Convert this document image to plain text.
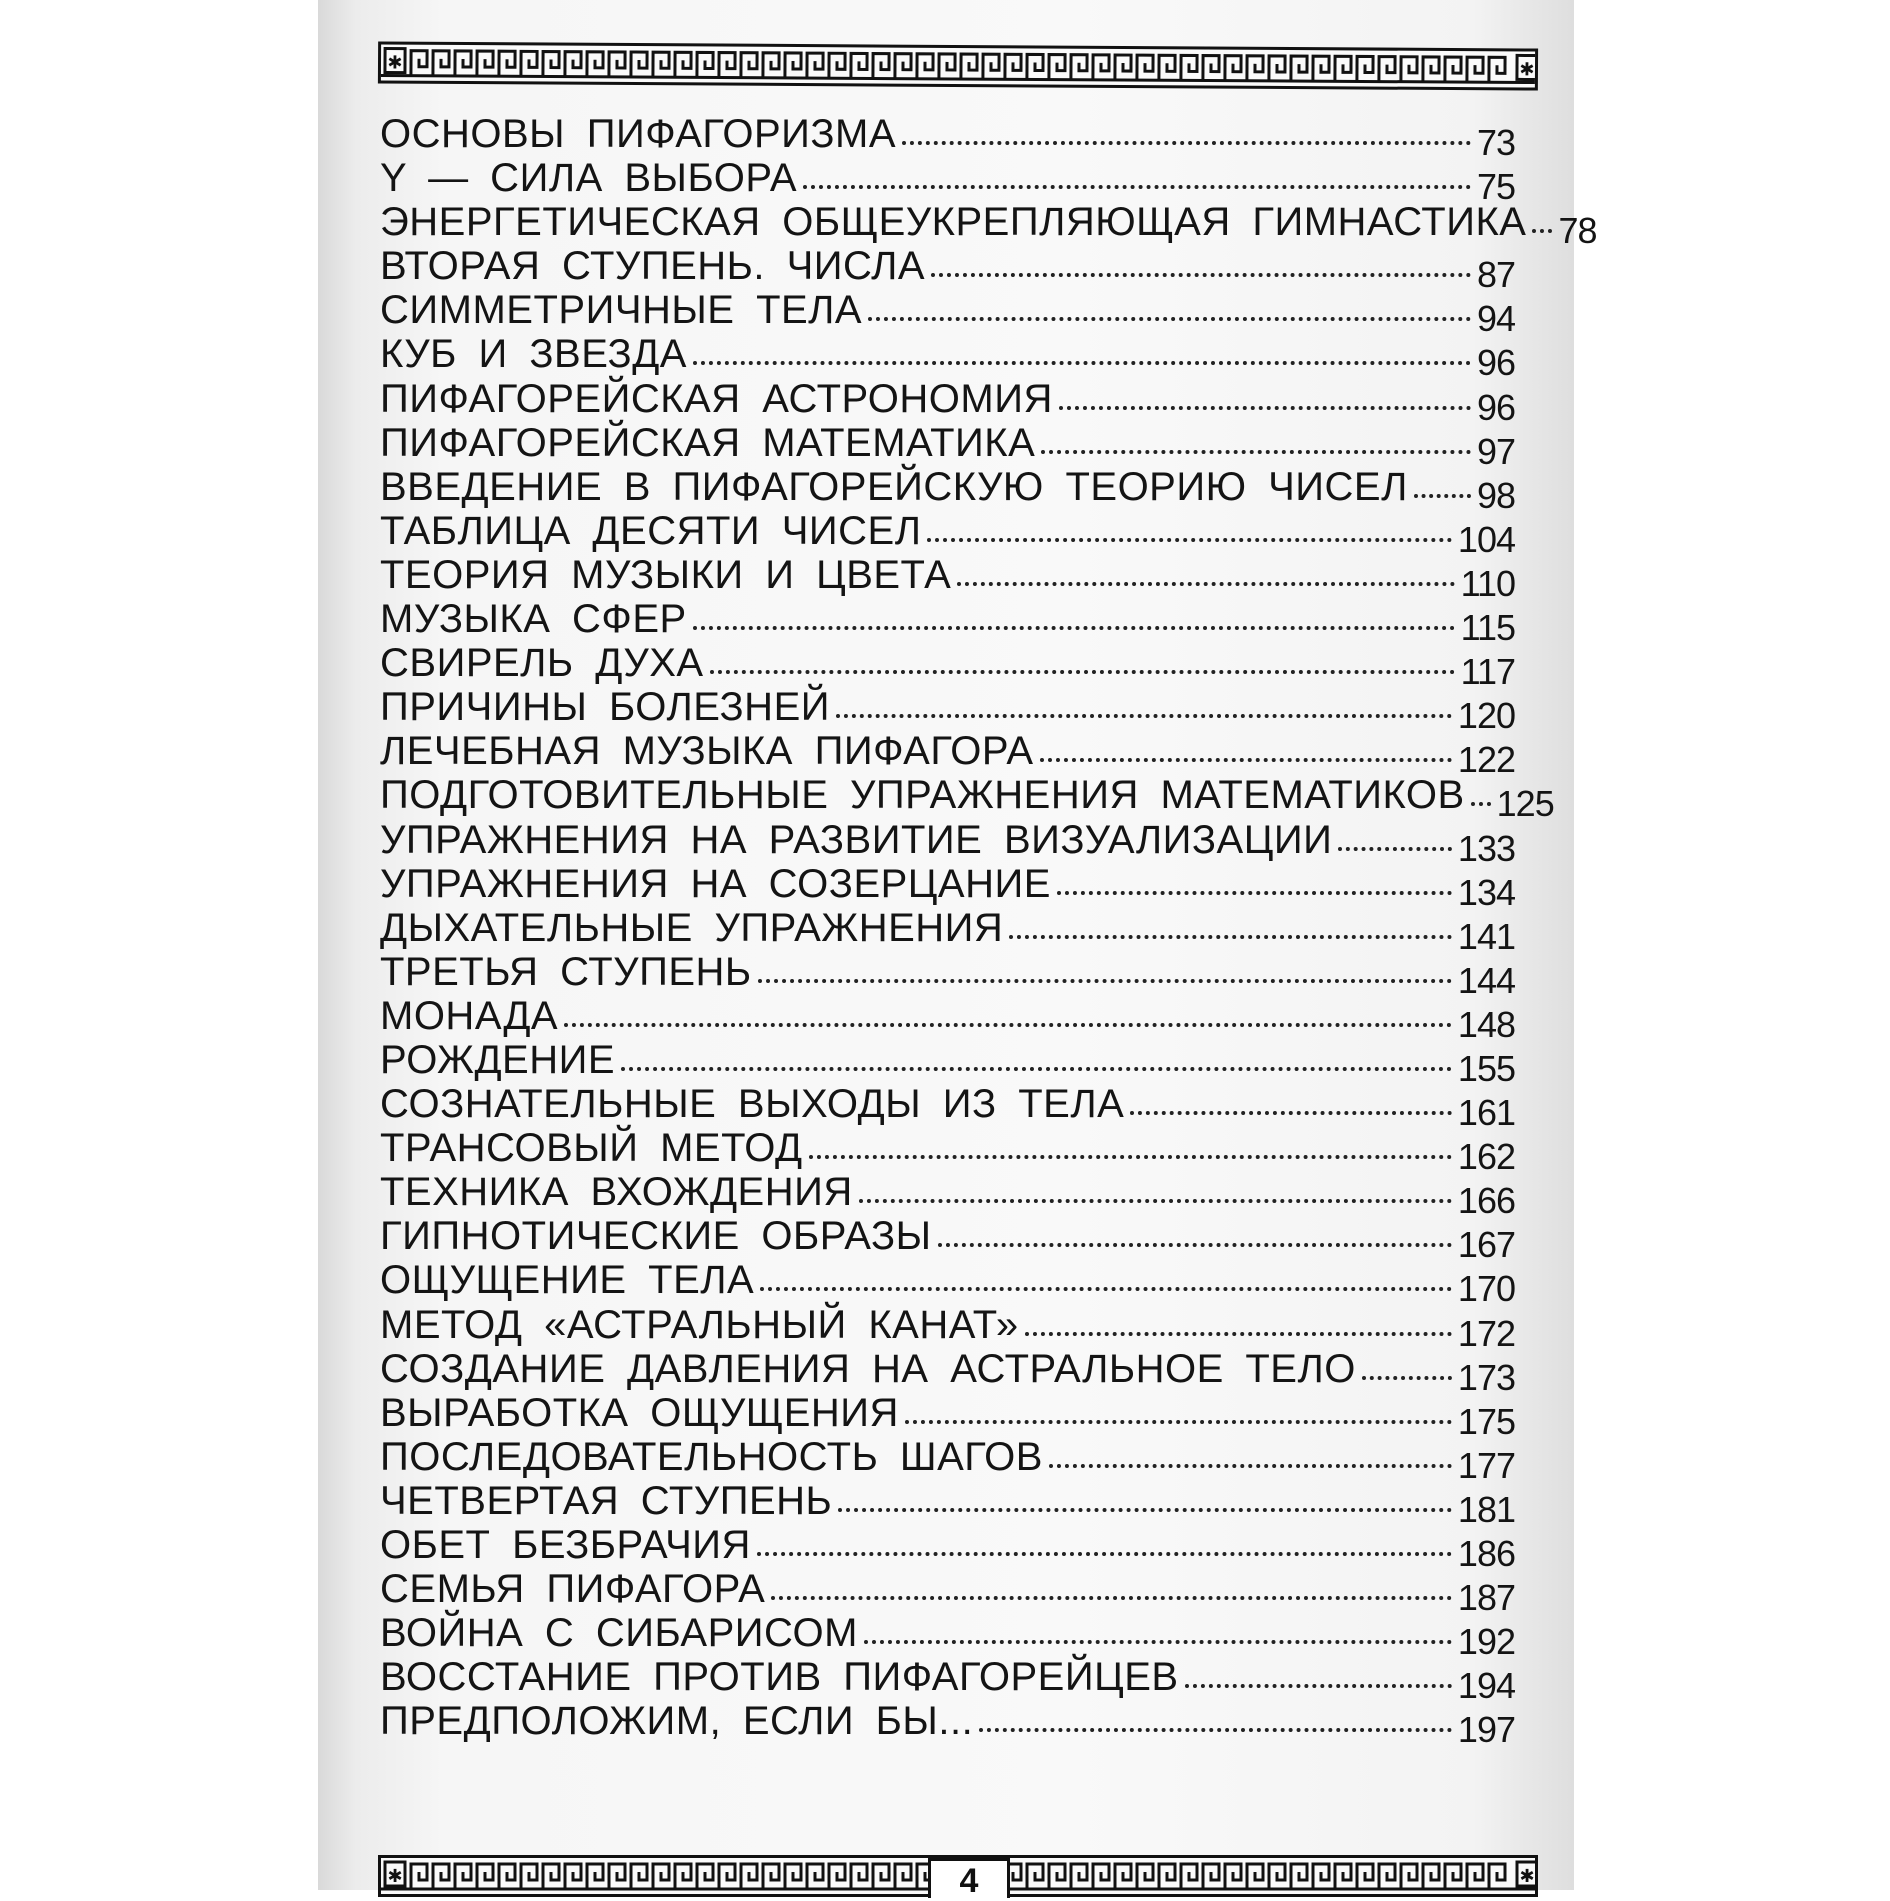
✱	✱
ОСНОВЫ ПИФАГОРИЗМА	73
Y — СИЛА ВЫБОРА	75
ЭНЕРГЕТИЧЕСКАЯ ОБЩЕУКРЕПЛЯЮЩАЯ ГИМНАСТИКА 78
ВТОРАЯ СТУПЕНЬ. ЧИСЛА	87
СИММЕТРИЧНЫЕ ТЕЛА	94
КУБ И ЗВЕЗДА	96
ПИФАГОРЕЙСКАЯ АСТРОНОМИЯ	96
ПИФАГОРЕЙСКАЯ МАТЕМАТИКА	97
ВВЕДЕНИЕ В ПИФАГОРЕЙСКУЮ ТЕОРИЮ ЧИСЕЛ 98
ТАБЛИЦА ДЕСЯТИ ЧИСЕЛ	104
ТЕОРИЯ МУЗЫКИ И ЦВЕТА	110
МУЗЫКА СФЕР	115
СВИРЕЛЬ ДУХА	117
ПРИЧИНЫ БОЛЕЗНЕЙ	120
ЛЕЧЕБНАЯ МУЗЫКА ПИФАГОРА	122
ПОДГОТОВИТЕЛЬНЫЕ УПРАЖНЕНИЯ МАТЕМАТИКОВ 125
УПРАЖНЕНИЯ НА РАЗВИТИЕ ВИЗУАЛИЗАЦИИ	133
УПРАЖНЕНИЯ НА СОЗЕРЦАНИЕ	134
ДЫХАТЕЛЬНЫЕ УПРАЖНЕНИЯ	141
ТРЕТЬЯ СТУПЕНЬ	144
МОНАДА	148
РОЖДЕНИЕ	155
СОЗНАТЕЛЬНЫЕ ВЫХОДЫ ИЗ ТЕЛА	161
ТРАНСОВЫЙ МЕТОД	162
ТЕХНИКА ВХОЖДЕНИЯ	166
ГИПНОТИЧЕСКИЕ ОБРАЗЫ	167
ОЩУЩЕНИЕ ТЕЛА	170
МЕТОД «АСТРАЛЬНЫЙ КАНАТ»	172
СОЗДАНИЕ ДАВЛЕНИЯ НА АСТРАЛЬНОЕ ТЕЛО	173
ВЫРАБОТКА ОЩУЩЕНИЯ	175
ПОСЛЕДОВАТЕЛЬНОСТЬ ШАГОВ	177
ЧЕТВЕРТАЯ СТУПЕНЬ	181
ОБЕТ БЕЗБРАЧИЯ	186
СЕМЬЯ ПИФАГОРА	187
ВОЙНА С СИБАРИСОМ	192
ВОССТАНИЕ ПРОТИВ ПИФАГОРЕЙЦЕВ	194
ПРЕДПОЛОЖИМ, ЕСЛИ БЫ...	197
✱	✱
4
